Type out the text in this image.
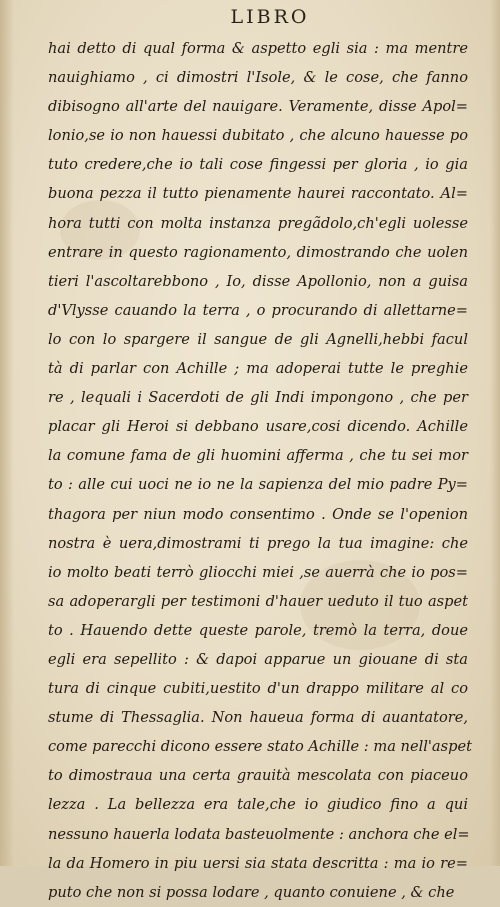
LIBRO
hai detto di qual forma & aspetto egli sia : ma mentre
nauighiamo , ci dimostri l'Isole, & le cose, che fanno
dibisogno all'arte del nauigare. Veramente, disse Apol=
lonio,se io non hauessi dubitato , che alcuno hauesse po
tuto credere,che io tali cose fingessi per gloria , io gia
buona pezza il tutto pienamente haurei raccontato. Al=
hora tutti con molta instanza pregãdolo,ch'egli uolesse
entrare in questo ragionamento, dimostrando che uolen
tieri l'ascoltarebbono , Io, disse Apollonio, non a guisa
d'Vlysse cauando la terra , o procurando di allettarne=
lo con lo spargere il sangue de gli Agnelli,hebbi facul
tà di parlar con Achille ; ma adoperai tutte le preghie
re , lequali i Sacerdoti de gli Indi impongono , che per
placar gli Heroi si debbano usare,cosi dicendo. Achille
la comune fama de gli huomini afferma , che tu sei mor
to : alle cui uoci ne io ne la sapienza del mio padre Py=
thagora per niun modo consentimo . Onde se l'openion
nostra è uera,dimostrami ti prego la tua imagine: che
io molto beati terrò gliocchi miei ,se auerrà che io pos=
sa adoperargli per testimoni d'hauer ueduto il tuo aspet
to . Hauendo dette queste parole, tremò la terra, doue
egli era sepellito : & dapoi apparue un giouane di sta
tura di cinque cubiti,uestito d'un drappo militare al co
stume di Thessaglia. Non haueua forma di auantatore,
come parecchi dicono essere stato Achille : ma nell'aspet
to dimostraua una certa grauità mescolata con piaceuo
lezza . La bellezza era tale,che io giudico fino a qui
nessuno hauerla lodata basteuolmente : anchora che el=
la da Homero in piu uersi sia stata descritta : ma io re=
puto che non si possa lodare , quanto conuiene , & che
